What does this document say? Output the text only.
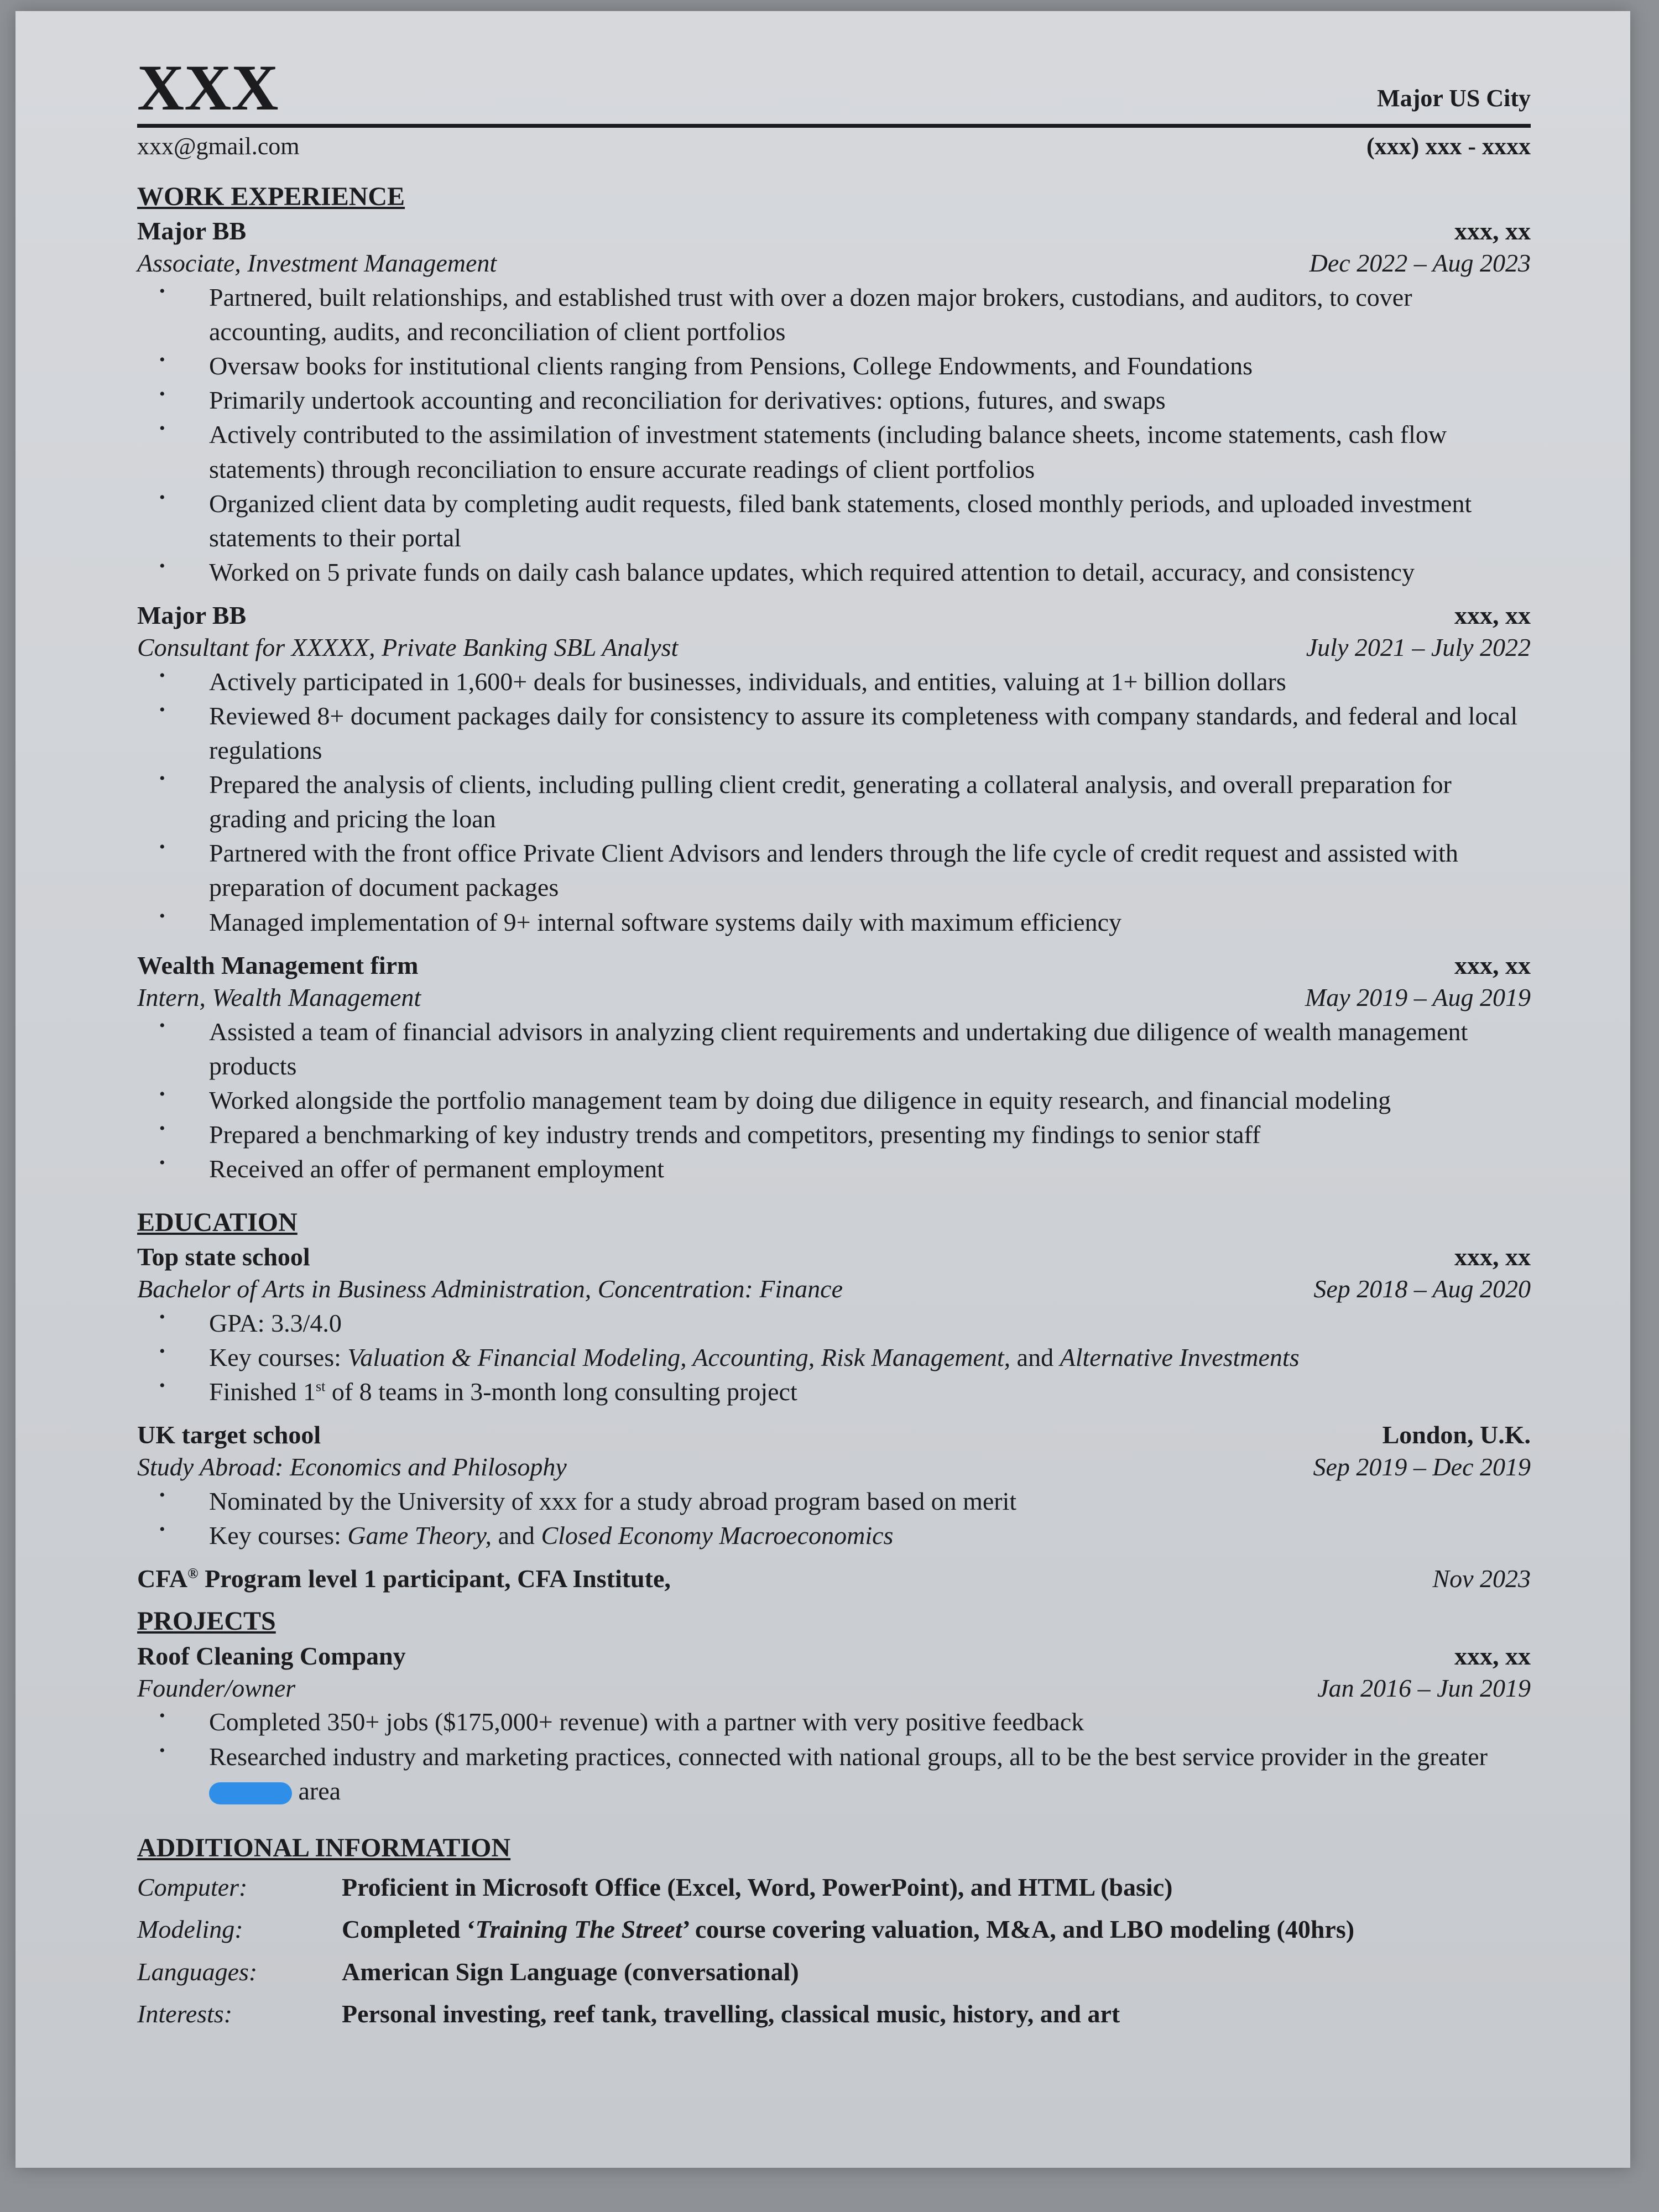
XXX	Major US City
xxx@gmail.com	(xxx) xxx - xxxx
WORK EXPERIENCE
Major BB	xxx, xx
Associate, Investment Management	Dec 2022 – Aug 2023
• Partnered, built relationships, and established trust with over a dozen major brokers, custodians, and auditors, to cover accounting, audits, and reconciliation of client portfolios
• Oversaw books for institutional clients ranging from Pensions, College Endowments, and Foundations
• Primarily undertook accounting and reconciliation for derivatives: options, futures, and swaps
• Actively contributed to the assimilation of investment statements (including balance sheets, income statements, cash flow statements) through reconciliation to ensure accurate readings of client portfolios
• Organized client data by completing audit requests, filed bank statements, closed monthly periods, and uploaded investment statements to their portal
• Worked on 5 private funds on daily cash balance updates, which required attention to detail, accuracy, and consistency
Major BB	xxx, xx
Consultant for XXXXX, Private Banking SBL Analyst	July 2021 – July 2022
• Actively participated in 1,600+ deals for businesses, individuals, and entities, valuing at 1+ billion dollars
• Reviewed 8+ document packages daily for consistency to assure its completeness with company standards, and federal and local regulations
• Prepared the analysis of clients, including pulling client credit, generating a collateral analysis, and overall preparation for grading and pricing the loan
• Partnered with the front office Private Client Advisors and lenders through the life cycle of credit request and assisted with preparation of document packages
• Managed implementation of 9+ internal software systems daily with maximum efficiency
Wealth Management firm	xxx, xx
Intern, Wealth Management	May 2019 – Aug 2019
• Assisted a team of financial advisors in analyzing client requirements and undertaking due diligence of wealth management products
• Worked alongside the portfolio management team by doing due diligence in equity research, and financial modeling
• Prepared a benchmarking of key industry trends and competitors, presenting my findings to senior staff
• Received an offer of permanent employment
EDUCATION
Top state school	xxx, xx
Bachelor of Arts in Business Administration, Concentration: Finance	Sep 2018 – Aug 2020
• GPA: 3.3/4.0
• Key courses: Valuation & Financial Modeling, Accounting, Risk Management, and Alternative Investments
• Finished 1st of 8 teams in 3-month long consulting project
UK target school	London, U.K.
Study Abroad: Economics and Philosophy	Sep 2019 – Dec 2019
• Nominated by the University of xxx for a study abroad program based on merit
• Key courses: Game Theory, and Closed Economy Macroeconomics
CFA® Program level 1 participant, CFA Institute,	Nov 2023
PROJECTS
Roof Cleaning Company	xxx, xx
Founder/owner	Jan 2016 – Jun 2019
• Completed 350+ jobs ($175,000+ revenue) with a partner with very positive feedback
• Researched industry and marketing practices, connected with national groups, all to be the best service provider in the greater  area
ADDITIONAL INFORMATION
Computer:	Proficient in Microsoft Office (Excel, Word, PowerPoint), and HTML (basic)
Modeling:	Completed ‘Training The Street’ course covering valuation, M&A, and LBO modeling (40hrs)
Languages:	American Sign Language (conversational)
Interests:	Personal investing, reef tank, travelling, classical music, history, and art
